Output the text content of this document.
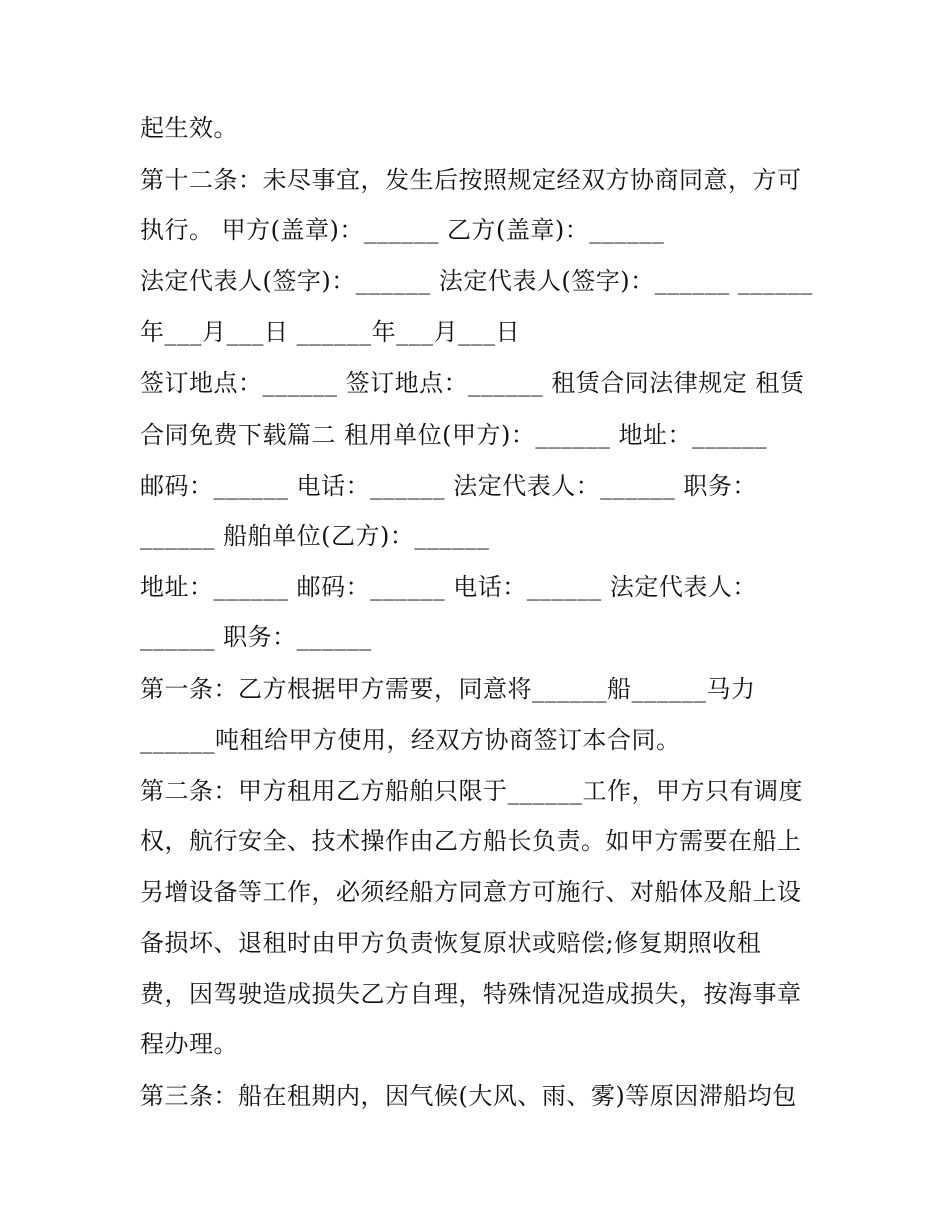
起生效。
第十二条：未尽事宜，发生后按照规定经双方协商同意，方可
执行。 甲方(盖章)：______ 乙方(盖章)：______
法定代表人(签字)：______ 法定代表人(签字)：______ ______
年___月___日 ______年___月___日
签订地点：______ 签订地点：______ 租赁合同法律规定 租赁
合同免费下载篇二 租用单位(甲方)：______ 地址：______
邮码：______ 电话：______ 法定代表人：______ 职务：
______ 船舶单位(乙方)：______
地址：______ 邮码：______ 电话：______ 法定代表人：
______ 职务：______
第一条：乙方根据甲方需要，同意将______船______马力
______吨租给甲方使用，经双方协商签订本合同。
第二条：甲方租用乙方船舶只限于______工作，甲方只有调度
权，航行安全、技术操作由乙方船长负责。如甲方需要在船上
另增设备等工作，必须经船方同意方可施行、对船体及船上设
备损坏、退租时由甲方负责恢复原状或赔偿;修复期照收租
费，因驾驶造成损失乙方自理，特殊情况造成损失，按海事章
程办理。
第三条：船在租期内，因气候(大风、雨、雾)等原因滞船均包
